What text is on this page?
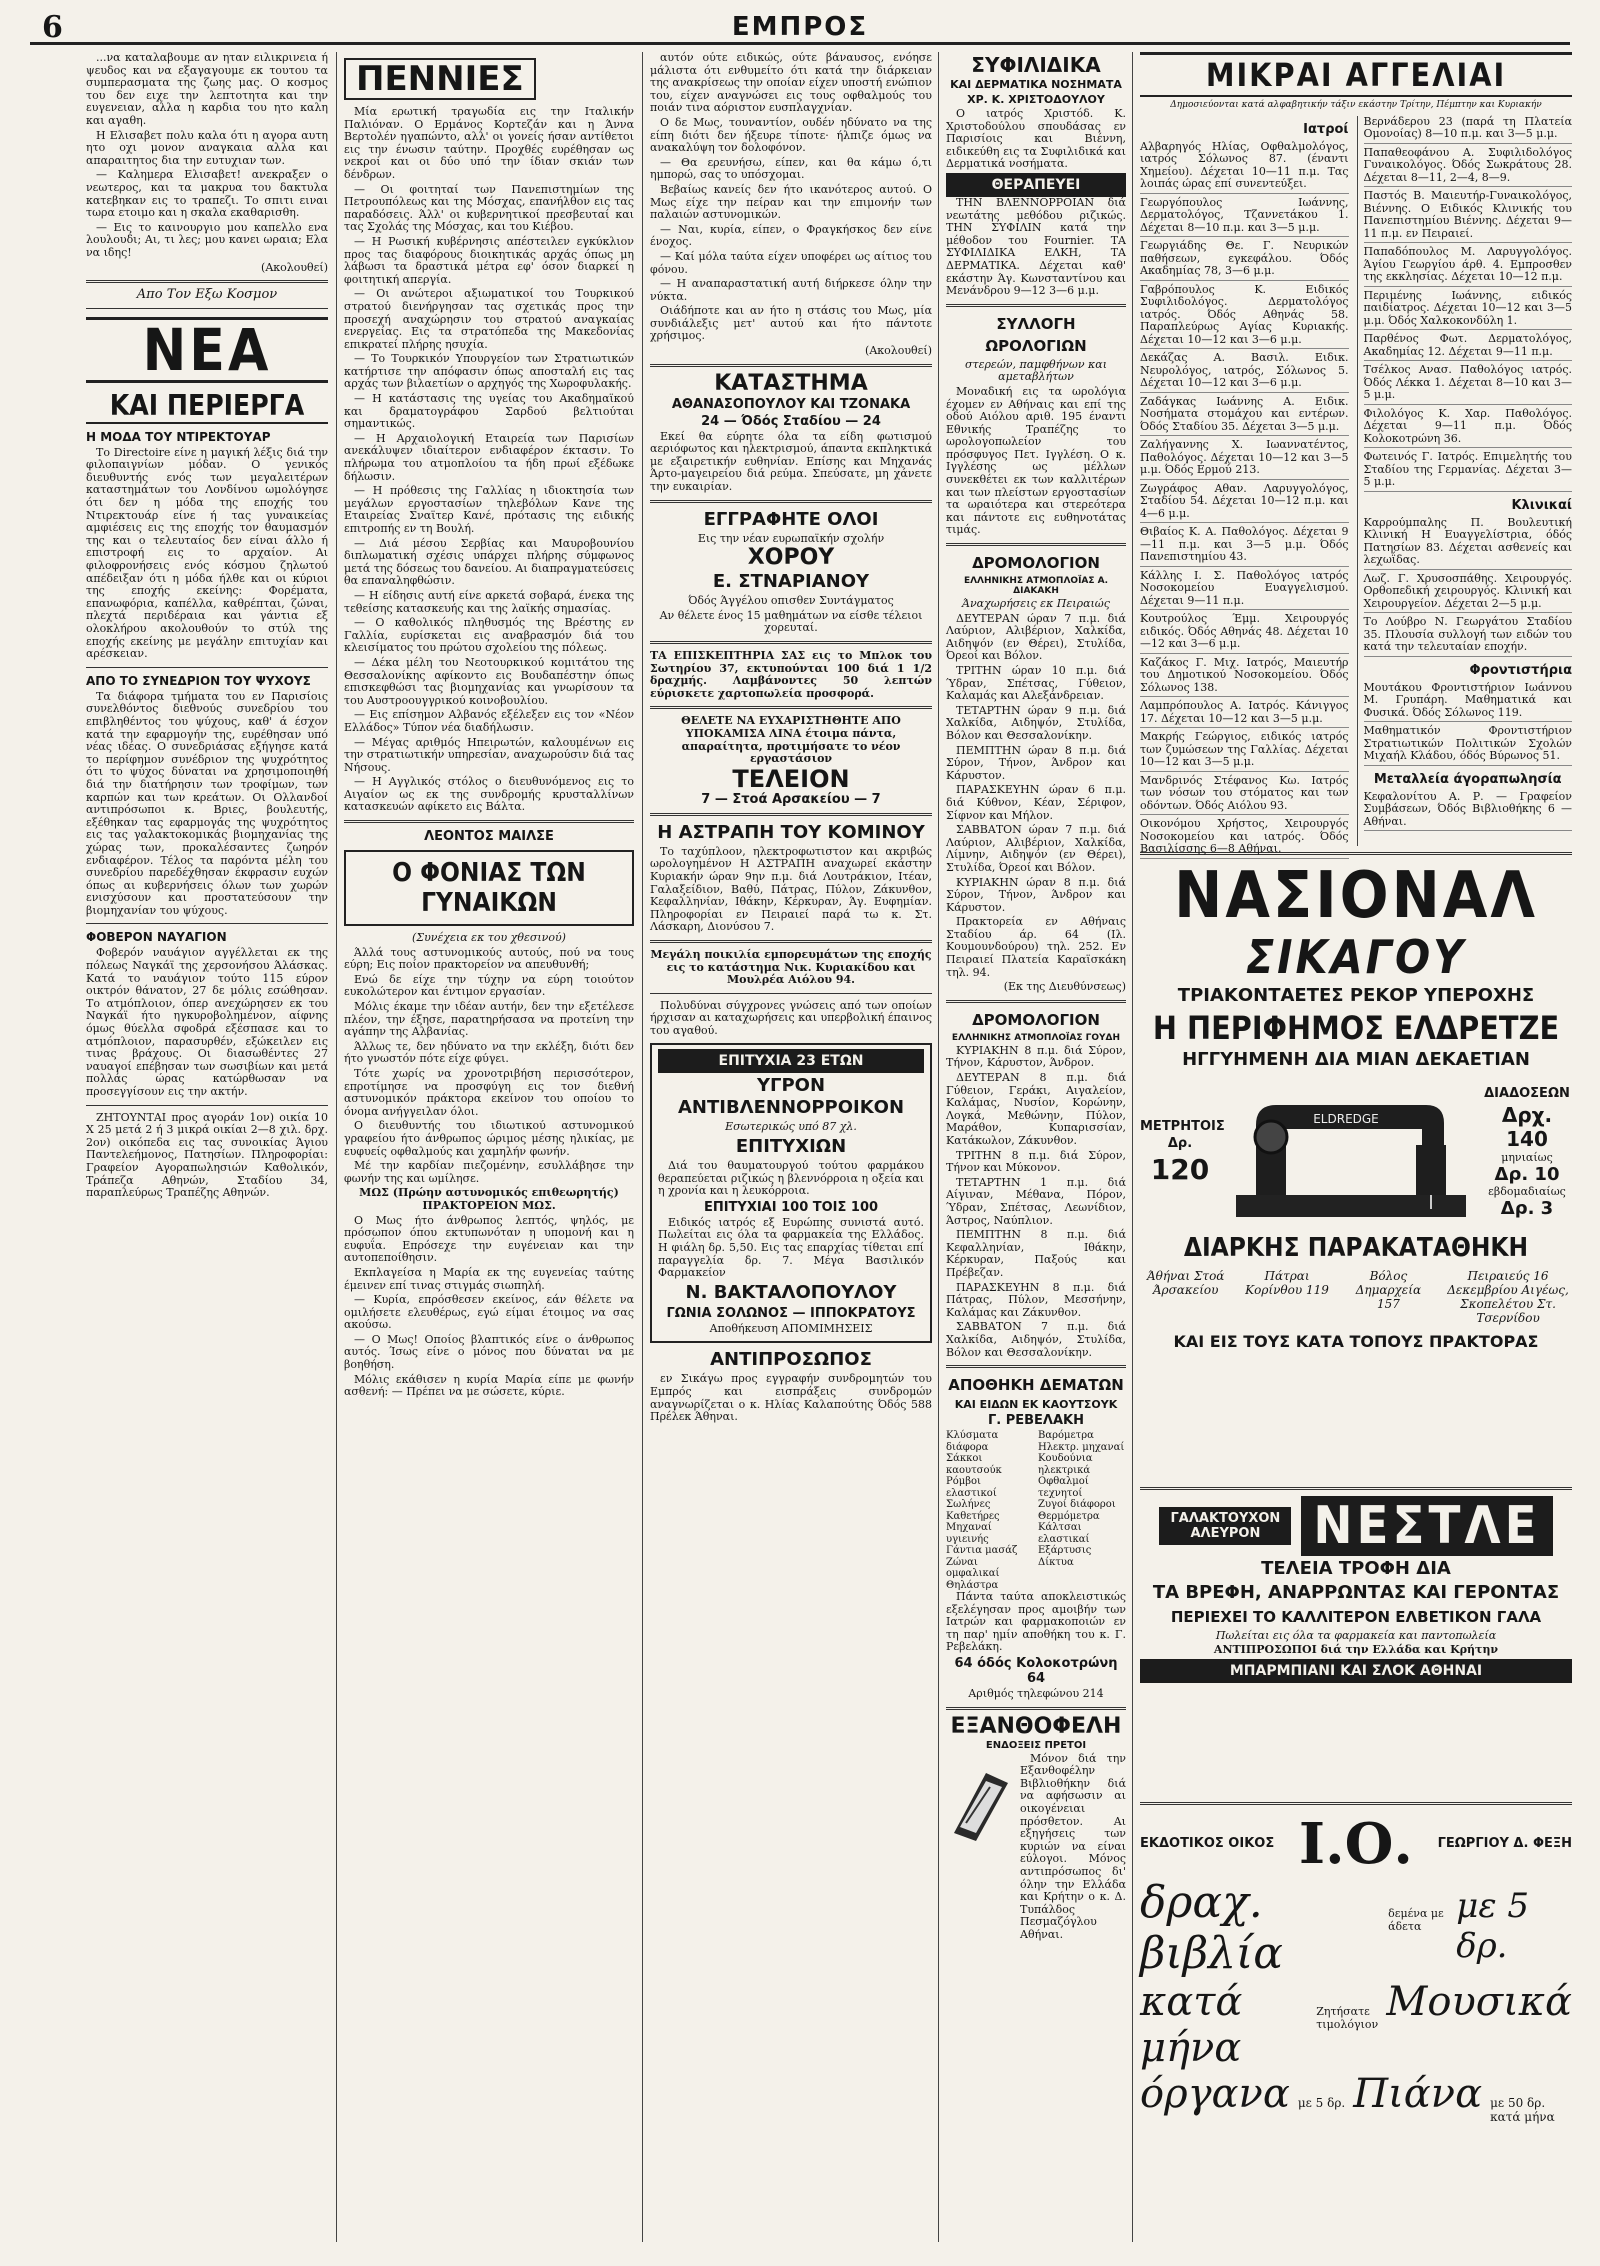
6	ΕΜΠΡΟΣ

...να καταλαβουμε αν ηταν ειλικρινεια ή ψευδος και να εξαγαγουμε εκ τουτου τα συμπερασματα της ζωης μας. Ο κοσμος του δεν ειχε την λεπτοτητα και την ευγενειαν, αλλα η καρδια του ητο καλη και αγαθη.

Η Ελισαβετ πολυ καλα ότι η αγορα αυτη ητο οχι μονον αναγκαια αλλα και απαραιτητος δια την ευτυχιαν των.

— Καλημερα Ελισαβετ! ανεκραξεν ο νεωτερος, και τα μακρυα του δακτυλα κατεβηκαν εις το τραπεζι. Το σπιτι ειναι τωρα ετοιμο και η σκαλα εκαθαρισθη.

— Εις το καινουργιο μου καπελλο ενα λουλουδι; Αι, τι λες; μου κανει ωραια; Ελα να ιδης!

(Ακολουθεί)

Απο Τον Εξω Κοσμον

ΝΕΑ
ΚΑΙ ΠΕΡΙΕΡΓΑ
Η ΜΟΔΑ ΤΟΥ ΝΤΙΡΕΚΤΟΥΑΡ

Το Directoire είνε η μαγική λέξις διά την φιλοπαιγνίων μόδαν. Ο γενικός διευθυντής ενός των μεγαλειτέρων καταστημάτων του Λονδίνου ωμολόγησε ότι δεν η μόδα της εποχής του Ντιρεκτουάρ είνε ή τας γυναικείας αμφιέσεις εις της εποχής τον θαυμασμόν της και ο τελευταίος δεν είναι άλλο ή επιστροφή εις το αρχαίον. Αι φιλοφρονήσεις ενός κόσμου ζηλωτού απέδειξαν ότι η μόδα ήλθε και οι κύριοι της εποχής εκείνης: Φορέματα, επανωφόρια, καπέλλα, καθρέπται, ζώναι, πλεχτά περιδέραια και γάντια εξ ολοκλήρου ακολουθούν το στύλ της εποχής εκείνης με μεγάλην επιτυχίαν και αρέσκειαν.

ΑΠΟ ΤΟ ΣΥΝΕΔΡΙΟΝ ΤΟΥ ΨΥΧΟΥΣ

Τα διάφορα τμήματα του εν Παρισίοις συνελθόντος διεθνούς συνεδρίου του επιβληθέντος του ψύχους, καθ' ά έσχον κατά την εφαρμογήν της, ευρέθησαν υπό νέας ιδέας. Ο συνεδριάσας εξήγησε κατά το περίφημον συνέδριον της ψυχρότητος ότι το ψύχος δύναται να χρησιμοποιηθή διά την διατήρησιν των τροφίμων, των καρπών και των κρεάτων. Οι Ολλανδοί αντιπρόσωποι κ. Βριες, βουλευτής, εξέθηκαν τας εφαρμογάς της ψυχρότητος εις τας γαλακτοκομικάς βιομηχανίας της χώρας των, προκαλέσαντες ζωηρόν ενδιαφέρον. Τέλος τα παρόντα μέλη του συνεδρίου παρεδέχθησαν έκφρασιν ευχών όπως αι κυβερνήσεις όλων των χωρών ενισχύσουν και προστατεύσουν την βιομηχανίαν του ψύχους.

ΦΟΒΕΡΟΝ ΝΑΥΑΓΙΟΝ

Φοβερόν ναυάγιον αγγέλλεται εκ της πόλεως Ναγκάϊ της χερσονήσου Άλάσκας. Κατά το ναυάγιον τούτο 115 εύρον οικτρόν θάνατον, 27 δε μόλις εσώθησαν. Το ατμόπλοιον, όπερ ανεχώρησεν εκ του Ναγκάϊ ήτο ηγκυροβολημένον, αίφνης όμως θύελλα σφοδρά εξέσπασε και το ατμόπλοιον, παρασυρθέν, εξώκειλεν εις τινας βράχους. Οι διασωθέντες 27 ναυαγοί επέβησαν των σωσιβίων και μετά πολλάς ώρας κατώρθωσαν να προσεγγίσουν εις την ακτήν.

ΖΗΤΟΥΝΤΑΙ προς αγοράν 1ον) οικία 10 X 25 μετά 2 ή 3 μικρά οικίαι 2—8 χιλ. δρχ. 2ον) οικόπεδα εις τας συνοικίας Άγιου Παντελεήμονος, Πατησίων. Πληροφορίαι: Γραφείον Αγοραπωλησιών Καθολικόν, Τράπεζα Αθηνών, Σταδίου 34, παραπλεύρως Τραπέζης Αθηνών.

ΠΕΝΝΙΕΣ

Μία ερωτική τραγωδία εις την Ιταλικήν Παλιόναν. Ο Ερμάνος Κορτεζάν και η Άννα Βερτολέν ηγαπώντο, αλλ' οι γονείς ήσαν αντίθετοι εις την ένωσιν ταύτην. Προχθές ευρέθησαν ως νεκροί και οι δύο υπό την ίδιαν σκιάν των δένδρων.

— Οι φοιτηταί των Πανεπιστημίων της Πετρουπόλεως και της Μόσχας, επανήλθον εις τας παραδόσεις. Άλλ' οι κυβερνητικοί πρεσβευταί και τας Σχολάς της Μόσχας, και του Κιέβου.

— Η Ρωσική κυβέρνησις απέστειλεν εγκύκλιον προς τας διαφόρους διοικητικάς αρχάς όπως μη λάβωσι τα δραστικά μέτρα εφ' όσον διαρκεί η φοιτητική απεργία.

— Οι ανώτεροι αξιωματικοί του Τουρκικού στρατού διενήργησαν τας σχετικάς προς την προσεχή αναχώρησιν του στρατού αναγκαίας ενεργείας. Εις τα στρατόπεδα της Μακεδονίας επικρατεί πλήρης ησυχία.

— Το Τουρκικόν Υπουργείον των Στρατιωτικών κατήρτισε την απόφασιν όπως αποσταλή εις τας αρχάς των βιλαετίων ο αρχηγός της Χωροφυλακής.

— Η κατάστασις της υγείας του Ακαδημαϊκού και δραματογράφου Σαρδού βελτιούται σημαντικώς.

— Η Αρχαιολογική Εταιρεία των Παρισίων ανεκάλυψεν ιδιαίτερον ενδιαφέρον έκτασιν. Το πλήρωμα του ατμοπλοίου τα ήδη πρωί εξέδωκε δήλωσιν.

— Η πρόθεσις της Γαλλίας η ιδιοκτησία των μεγάλων εργοστασίων τηλεβόλων Κανε της Εταιρείας Σναϊτερ Κανέ, πρότασις της ειδικής επιτροπής εν τη Βουλή.

— Διά μέσου Σερβίας και Μαυροβουνίου διπλωματική σχέσις υπάρχει πλήρης σύμφωνος μετά της δόσεως του δανείου. Αι διαπραγματεύσεις θα επαναληφθώσιν.

— Η είδησις αυτή είνε αρκετά σοβαρά, ένεκα της τεθείσης κατασκευής και της λαϊκής σημασίας.

— Ο καθολικός πληθυσμός της Βρέστης εν Γαλλία, ευρίσκεται εις αναβρασμόν διά του κλεισίματος του πρώτου σχολείου της πόλεως.

— Δέκα μέλη του Νεοτουρκικού κομιτάτου της Θεσσαλονίκης αφίκοντο εις Βουδαπέστην όπως επισκεφθώσι τας βιομηχανίας και γνωρίσουν τα του Αυστροουγγρικού κοινοβουλίου.

— Εις επίσημον Αλβανός εξέλεξεν εις τον «Νέον Ελλάδος» Τύπον νέα διαδήλωσιν.

— Μέγας αριθμός Ηπειρωτών, καλουμένων εις την στρατιωτικήν υπηρεσίαν, αναχωρούσιν διά τας Νήσους.

— Η Αγγλικός στόλος ο διευθυνόμενος εις το Αιγαίον ως εκ της συνδρομής κρυσταλλίνων κατασκευών αφίκετο εις Βάλτα.

ΛΕΟΝΤΟΣ ΜΑΙΛΣΕ
Ο ΦΟΝΙΑΣ ΤΩΝ ΓΥΝΑΙΚΩΝ

(Συνέχεια εκ του χθεσινού)

Άλλά τους αστυνομικούς αυτούς, πού να τους εύρη; Εις ποίον πρακτορείον να απευθυνθή;

Ενώ δε είχε την τύχην να εύρη τοιούτον ευκολώτερον και έντιμον εργασίαν.

Μόλις έκαμε την ιδέαν αυτήν, δεν την εξετέλεσε πλέον, την έξησε, παρατηρήσασα να προτείνη την αγάπην της Αλβανίας.

Άλλως τε, δεν ηδύνατο να την εκλέξη, διότι δεν ήτο γνωστόν πότε είχε φύγει.

Τότε χωρίς να χρονοτριβήση περισσότερον, επροτίμησε να προσφύγη εις τον διεθνή αστυνομικόν πράκτορα εκείνον του οποίου το όνομα ανήγγειλαν όλοι.

Ο διευθυντής του ιδιωτικού αστυνομικού γραφείου ήτο άνθρωπος ώριμος μέσης ηλικίας, με ευφυείς οφθαλμούς και χαμηλήν φωνήν.

Μέ την καρδίαν πιεζομένην, εσυλλάβησε την φωνήν της και ωμίλησε.

ΜΩΣ (Πρώην αστυνομικός επιθεωρητής) ΠΡΑΚΤΟΡΕΙΟΝ ΜΩΣ.

Ο Μως ήτο άνθρωπος λεπτός, ψηλός, με πρόσωπον όπου εκτυπωνόταν η υπομονή και η ευφυΐα. Επρόσεχε την ευγένειαν και την αυτοπεποίθησιν.

Εκπλαγείσα η Μαρία εκ της ευγενείας ταύτης έμεινεν επί τινας στιγμάς σιωπηλή.

— Κυρία, επρόσθεσεν εκείνος, εάν θέλετε να ομιλήσετε ελευθέρως, εγώ είμαι έτοιμος να σας ακούσω.

— Ο Μως! Οποίος βλαπτικός είνε ο άνθρωπος αυτός. Ίσως είνε ο μόνος που δύναται να με βοηθήση.

Μόλις εκάθισεν η κυρία Μαρία είπε με φωνήν ασθενή: — Πρέπει να με σώσετε, κύριε.

αυτόν ούτε ειδικώς, ούτε βάναυσος, ενόησε μάλιστα ότι ενθυμείτο ότι κατά την διάρκειαν της ανακρίσεως την οποίαν είχεν υποστή ενώπιον του, είχεν αναγνώσει εις τους οφθαλμούς του ποιάν τινα αόριστον ευσπλαγχνίαν.

Ο δε Μως, τουναντίον, ουδέν ηδύνατο να της είπη διότι δεν ήξευρε τίποτε· ήλπιζε όμως να ανακαλύψη τον δολοφόνον.

— Θα ερευνήσω, είπεν, και θα κάμω ό,τι ημπορώ, σας το υπόσχομαι.

Βεβαίως κανείς δεν ήτο ικανότερος αυτού. Ο Μως είχε την πείραν και την επιμονήν των παλαιών αστυνομικών.

— Ναι, κυρία, είπεν, ο Φραγκήσκος δεν είνε ένοχος.

— Καί μόλα ταύτα είχεν υποφέρει ως αίτιος του φόνου.

— Η αναπαραστατική αυτή διήρκεσε όλην την νύκτα.

Οιάδήποτε και αν ήτο η στάσις του Μως, μία συνδιάλεξις μετ' αυτού και ήτο πάντοτε χρήσιμος.

(Ακολουθεί)

ΚΑΤΑΣΤΗΜΑ
ΑΘΑΝΑΣΟΠΟΥΛΟΥ ΚΑΙ ΤΖΟΝΑΚΑ
24 — Όδός Σταδίου — 24

Εκεί θα εύρητε όλα τα είδη φωτισμού αεριόφωτος και ηλεκτρισμού, άπαντα εκπληκτικά με εξαιρετικήν ευθηνίαν. Επίσης και Μηχανάς Άρτο-μαγειρείου διά ρεύμα. Σπεύσατε, μη χάνετε την ευκαιρίαν.

ΕΓΓΡΑΦΗΤΕ ΟΛΟΙ

Εις την νέαν ευρωπαϊκήν σχολήν

ΧΟΡΟΥ
Ε. ΣΤΝΑΡΙΑΝΟΥ

Όδός Άγγέλου οπισθεν Συντάγματος

Αν θέλετε ένος 15 μαθημάτων να είσθε τέλειοι χορευταί.

ΤΑ ΕΠΙΣΚΕΠΤΗΡΙΑ ΣΑΣ εις το Μπλοκ του Σωτηρίου 37, εκτυπούνται 100 διά 1 1/2 δραχμής. Λαμβάνοντες 50 λεπτών εύρισκετε χαρτοπωλεία προσφορά.

ΘΕΛΕΤΕ ΝΑ ΕΥΧΑΡΙΣΤΗΘΗΤΕ ΑΠΟ ΥΠΟΚΑΜΙΣΑ ΛΙΝΑ έτοιμα πάντα, απαραίτητα, προτιμήσατε το νέον εργαστάσιον

ΤΕΛΕΙΟΝ
7 — Στοά Αρσακείου — 7
Η ΑΣΤΡΑΠΗ ΤΟΥ ΚΟΜΙΝΟΥ

Το ταχύπλοον, ηλεκτροφωτιστον και ακριβώς ωρολογημένον Η ΑΣΤΡΑΠΗ αναχωρεί εκάστην Κυριακήν ώραν 9ην π.μ. διά Λουτράκιον, Ιτέαν, Γαλαξείδιον, Βαθύ, Πάτρας, Πύλον, Ζάκυνθον, Κεφαλληνίαν, Ιθάκην, Κέρκυραν, Άγ. Ευφημίαν. Πληροφορίαι εν Πειραιεί παρά τω κ. Στ. Λάσκαρη, Διονύσου 7.

Μεγάλη ποικιλία εμπορευμάτων της εποχής εις το κατάστημα Νικ. Κυριακίδου και Μουλρέα Αιόλου 94.

Πολυδύναι σύγχρονες γνώσεις από των οποίων ήρχισαν αι καταχωρήσεις και υπερβολική έπαινος του αγαθού.

ΕΠΙΤΥΧΙΑ 23 ΕΤΩΝ
ΥΓΡΟΝ ΑΝΤΙΒΛΕΝΝΟΡΡΟΙΚΟΝ

Εσωτερικώς υπό 87 χλ.

ΕΠΙΤΥΧΙΩΝ

Διά του θαυματουργού τούτου φαρμάκου θεραπεύεται ριζικώς η βλεννόρροια η οξεία και η χρονία και η λευκόρροια.

ΕΠΙΤΥΧΙΑΙ 100 ΤΟΙΣ 100

Ειδικός ιατρός εξ Ευρώπης συνιστά αυτό. Πωλείται εις όλα τα φαρμακεία της Ελλάδος. Η φιάλη δρ. 5,50. Εις τας επαρχίας τίθεται επί παραγγελία δρ. 7. Μέγα Βασιλικόν Φαρμακείον

Ν. ΒΑΚΤΑΛΟΠΟΥΛΟΥ
ΓΩΝΙΑ ΣΟΛΩΝΟΣ — ΙΠΠΟΚΡΑΤΟΥΣ

Αποθήκευση ΑΠΟΜΙΜΗΣΕΙΣ

ΑΝΤΙΠΡΟΣΩΠΟΣ

εν Σικάγω προς εγγραφήν συνδρομητών του Εμπρός και εισπράξεις συνδρομών αναγνωρίζεται ο κ. Ηλίας Καλαπούτης Όδός 588 Πρέλεκ Άθηναι.

ΣΥΦΙΛΙΔΙΚΑ
ΚΑΙ ΔΕΡΜΑΤΙΚΑ ΝΟΣΗΜΑΤΑ
ΧΡ. Κ. ΧΡΙΣΤΟΔΟΥΛΟΥ

Ο ιατρός Χριστόδ. Κ. Χριστοδούλου σπουδάσας εν Παρισίοις και Βιέννη, ειδικεύθη εις τα Συφιλιδικά και Δερματικά νοσήματα.

ΘΕΡΑΠΕΥΕΙ

ΤΗΝ ΒΛΕΝΝΟΡΡΟΙΑΝ διά νεωτάτης μεθόδου ριζικώς. ΤΗΝ ΣΥΦΙΛΙΝ κατά την μέθοδον του Fournier. ΤΑ ΣΥΦΙΛΙΔΙΚΑ ΕΛΚΗ, ΤΑ ΔΕΡΜΑΤΙΚΑ. Δέχεται καθ' εκάστην Άγ. Κωνσταντίνου και Μενάνδρου 9—12 3—6 μ.μ.

ΣΥΛΛΟΓΗ ΩΡΟΛΟΓΙΩΝ

στερεών, παμφθήνων και αμεταβλήτων

Μοναδική εις τα ωρολόγια έχομεν εν Αθήναις και επί της οδού Αιόλου αριθ. 195 έναντι Εθνικής Τραπέζης το ωρολογοπωλείον του πρόσφυγος Πετ. Ιγγλέση. Ο κ. Ιγγλέσης ως μέλλων συνεκθέτει εκ των καλλιτέρων και των πλείστων εργοστασίων τα ωραιότερα και στερεότερα και πάντοτε εις ευθηνοτάτας τιμάς.

ΔΡΟΜΟΛΟΓΙΟΝ
ΕΛΛΗΝΙΚΗΣ ΑΤΜΟΠΛΟΪΑΣ Α. ΔΙΑΚΑΚΗ

Άναχωρήσεις εκ Πειραιώς

ΔΕΥΤΕΡΑΝ ώραν 7 π.μ. διά Λαύριον, Αλιβέριον, Χαλκίδα, Αιδηψόν (εν Θέρει), Στυλίδα, Όρεοί και Βόλον.

ΤΡΙΤΗΝ ώραν 10 π.μ. διά Ύδραν, Σπέτσας, Γύθειον, Καλαμάς και Αλεξάνδρειαν.

ΤΕΤΑΡΤΗΝ ώραν 9 π.μ. διά Χαλκίδα, Αιδηψόν, Στυλίδα, Βόλον και Θεσσαλονίκην.

ΠΕΜΠΤΗΝ ώραν 8 π.μ. διά Σύρον, Τήνον, Άνδρον και Κάρυστον.

ΠΑΡΑΣΚΕΥΗΝ ώραν 6 π.μ. διά Κύθνον, Κέαν, Σέριφον, Σίφνον και Μήλον.

ΣΑΒΒΑΤΟΝ ώραν 7 π.μ. διά Λαύριον, Αλιβέριον, Χαλκίδα, Λίμνην, Αιδηψόν (εν Θέρει), Στυλίδα, Όρεοί και Βόλον.

ΚΥΡΙΑΚΗΝ ώραν 8 π.μ. διά Σύρον, Τήνον, Άνδρον και Κάρυστον.

Πρακτορεία εν Αθήναις Σταδίου άρ. 64 (Ιλ. Κουμουνδούρου) τηλ. 252. Εν Πειραιεί Πλατεία Καραϊσκάκη τηλ. 94.

(Εκ της Διευθύνσεως)

ΔΡΟΜΟΛΟΓΙΟΝ
ΕΛΛΗΝΙΚΗΣ ΑΤΜΟΠΛΟΪΑΣ ΓΟΥΔΗ

ΚΥΡΙΑΚΗΝ 8 π.μ. διά Σύρον, Τήνον, Κάρυστον, Άνδρον.

ΔΕΥΤΕΡΑΝ 8 π.μ. διά Γύθειον, Γεράκι, Αιγαλείον, Καλάμας, Νυσίον, Κορώνην, Λογκά, Μεθώνην, Πύλον, Μαράθον, Κυπαρισσίαν, Κατάκωλον, Ζάκυνθον.

ΤΡΙΤΗΝ 8 π.μ. διά Σύρον, Τήνον και Μύκονον.

ΤΕΤΑΡΤΗΝ 1 π.μ. διά Αίγιναν, Μέθανα, Πόρον, Ύδραν, Σπέτσας, Λεωνίδιον, Άστρος, Ναύπλιον.

ΠΕΜΠΤΗΝ 8 π.μ. διά Κεφαλληνίαν, Ιθάκην, Κέρκυραν, Παξούς και Πρέβεζαν.

ΠΑΡΑΣΚΕΥΗΝ 8 π.μ. διά Πάτρας, Πύλον, Μεσσήνην, Καλάμας και Ζάκυνθον.

ΣΑΒΒΑΤΟΝ 7 π.μ. διά Χαλκίδα, Αιδηψόν, Στυλίδα, Βόλον και Θεσσαλονίκην.

ΑΠΟΘΗΚΗ ΔΕΜΑΤΩΝ
ΚΑΙ ΕΙΔΩΝ ΕΚ ΚΑΟΥΤΣΟΥΚ
Γ. ΡΕΒΕΛΑΚΗ
Κλύσματα διάφορα
Σάκκοι καουτσούκ
Ρόμβοι ελαστικοί
Σωλήνες
Καθετήρες
Μηχαναί υγιεινής
Γάντια μασάζ
Ζώναι ομφαλικαί
Θηλάστρα
Βαρόμετρα
Ηλεκτρ. μηχαναί
Κουδούνια ηλεκτρικά
Οφθαλμοί τεχνητοί
Ζυγοί διάφοροι
Θερμόμετρα
Κάλτσαι ελαστικαί
Εξάρτυσις
Δίκτυα

Πάντα ταύτα αποκλειστικώς εξελέγησαν προς αμοιβήν των Ιατρών και φαρμακοποιών εν τη παρ' ημίν αποθήκη του κ. Γ. Ρεβελάκη.

64 όδός Κολοκοτρώνη 64

Αριθμός τηλεφώνου 214

ΕΞΑΝΘΟΦΕΛΗ
ΕΝΔΟΞΕΙΣ ΠΡΕΤΟΙ

Μόνον διά την Εξανθοφέλην Βιβλιοθήκην διά να αφήσωσιν αι οικογένειαι πρόσθετον. Αι εξηγήσεις των κυριών να είναι εύλογοι. Μόνος αντιπρόσωπος δι' όλην την Ελλάδα και Κρήτην ο κ. Δ. Τυπάλδος Πεσμαζόγλου Αθήναι.

ΜΙΚΡΑΙ ΑΓΓΕΛΙΑΙ

Δημοσιεύονται κατά αλφαβητικήν τάξιν εκάστην Τρίτην, Πέμπτην και Κυριακήν

Ιατροί
Αλβαρηγός Ηλίας, Οφθαλμολόγος, ιατρός Σόλωνος 87. (έναντι Χημείου). Δέχεται 10—11 π.μ. Τας λοιπάς ώρας επί συνεντεύξει.
Γεωργόπουλος Ιωάννης, Δερματολόγος, Τζαννετάκου 1. Δέχεται 8—10 π.μ. και 3—5 μ.μ.
Γεωργιάδης Θε. Γ. Νευρικών παθήσεων, εγκεφάλου. Όδός Ακαδημίας 78, 3—6 μ.μ.
Γαβρόπουλος Κ. Ειδικός Συφιλιδολόγος. Δερματολόγος ιατρός. Όδός Αθηνάς 58. Παραπλεύρως Αγίας Κυριακής. Δέχεται 10—12 και 3—6 μ.μ.
Δεκάζας Α. Βασιλ. Ειδικ. Νευρολόγος, ιατρός, Σόλωνος 5. Δέχεται 10—12 και 3—6 μ.μ.
Ζαδάγκας Ιωάννης Α. Ειδικ. Νοσήματα στομάχου και εντέρων. Όδός Σταδίου 35. Δέχεται 3—5 μ.μ.
Ζαλήγαννης Χ. Ιωαννατέντος, Παθολόγος. Δέχεται 10—12 και 3—5 μ.μ. Όδός Ερμού 213.
Ζωγράφος Αθαν. Λαρυγγολόγος, Σταδίου 54. Δέχεται 10—12 π.μ. και 4—6 μ.μ.
Θιβαίος Κ. Α. Παθολόγος. Δέχεται 9—11 π.μ. και 3—5 μ.μ. Όδός Πανεπιστημίου 43.
Κάλλης Ι. Σ. Παθολόγος ιατρός Νοσοκομείου Ευαγγελισμού. Δέχεται 9—11 π.μ.
Κουτρούλος Έμμ. Χειρουργός ειδικός. Όδός Αθηνάς 48. Δέχεται 10—12 και 3—6 μ.μ.
Καζάκος Γ. Μιχ. Ιατρός, Μαιευτήρ του Δημοτικού Νοσοκομείου. Όδός Σόλωνος 138.
Λαμπρόπουλος Α. Ιατρός. Κάνιγγος 17. Δέχεται 10—12 και 3—5 μ.μ.
Μακρής Γεώργιος, ειδικός ιατρός των ζυμώσεων της Γαλλίας. Δέχεται 10—12 και 3—5 μ.μ.
Μανδρινός Στέφανος Κω. Ιατρός των νόσων του στόματος και των οδόντων. Όδός Αιόλου 93.
Οικονόμου Χρήστος, Χειρουργός Νοσοκομείου και ιατρός. Όδός Βασιλίσσης 6—8 Αθήναι.
Βερνάδερου 23 (παρά τη Πλατεία Ομονοίας) 8—10 π.μ. και 3—5 μ.μ.
Παπαθεοφάνου Α. Συφιλιδολόγος Γυναικολόγος. Όδός Σωκράτους 28. Δέχεται 8—11, 2—4, 8—9.
Παστός Β. Μαιευτήρ-Γυναικολόγος, Βιέννης. Ο Ειδικός Κλινικής του Πανεπιστημίου Βιέννης. Δέχεται 9—11 π.μ. εν Πειραιεί.
Παπαδόπουλος Μ. Λαρυγγολόγος. Άγίου Γεωργίου άρθ. 4. Εμπροσθεν της εκκλησίας. Δέχεται 10—12 π.μ.
Περιμένης Ιωάννης, ειδικός παιδίατρος. Δέχεται 10—12 και 3—5 μ.μ. Όδός Χαλκοκονδύλη 1.
Παρθένος Φωτ. Δερματολόγος, Ακαδημίας 12. Δέχεται 9—11 π.μ.
Τσέλκος Ανασ. Παθολόγος ιατρός. Όδός Λέκκα 1. Δέχεται 8—10 και 3—5 μ.μ.
Φιλολόγος Κ. Χαρ. Παθολόγος. Δέχεται 9—11 π.μ. Όδός Κολοκοτρώνη 36.
Φωτεινός Γ. Ιατρός. Επιμελητής του Σταδίου της Γερμανίας. Δέχεται 3—5 μ.μ.
Κλινικαί
Καρρούμπαλης Π. Βουλευτική Κλινική Η Ευαγγελίστρια, όδός Πατησίων 83. Δέχεται ασθενείς και λεχωΐδας.
Λωζ. Γ. Χρυσοσπάθης. Χειρουργός. Ορθοπεδική χειρουργός. Κλινική και Χειρουργείον. Δέχεται 2—5 μ.μ.
Το Λούβρο Ν. Γεωργάτου Σταδίου 35. Πλουσία συλλογή των ειδών του κατά την τελευταίαν εποχήν.
Φροντιστήρια
Μουτάκου Φροντιστήριον Ιωάννου Μ. Γρυπάρη. Μαθηματικά και Φυσικά. Όδός Σόλωνος 119.
Μαθηματικόν Φροντιστήριον Στρατιωτικών Πολιτικών Σχολών Μιχαήλ Κλάδου, όδός Βύρωνος 51.
Μεταλλεία άγοραπωλησία
Κεφαλονίτου Α. Ρ. — Γραφείον Συμβάσεων, Όδός Βιβλιοθήκης 6 — Αθήναι.
ΝΑΣΙΟΝΑΛ
ΣΙΚΑΓΟΥ
ΤΡΙΑΚΟΝΤΑΕΤΕΣ ΡΕΚΟΡ ΥΠΕΡΟΧΗΣ
Η ΠΕΡΙΦΗΜΟΣ ΕΛΔΡΕΤΖΕ
ΗΓΓΥΗΜΕΝΗ ΔΙΑ ΜΙΑΝ ΔΕΚΑΕΤΙΑΝ
ΜΕΤΡΗΤΟΙΣ
Δρ.
120
ELDREDGE
ΔΙΑΔΟΣΕΩΝ
Δρχ. 140
μηνιαίως
Δρ. 10
εβδομαδιαίως
Δρ. 3
ΔΙΑΡΚΗΣ ΠΑΡΑΚΑΤΑΘΗΚΗ
Άθήναι Στοά Άρσακείου
Πάτραι Κορίνθου 119
Βόλος Δημαρχεία 157
Πειραιεύς 16 Δεκεμβρίου Αιγέως, Σκοπελέτου Στ. Τσερνίδου
ΚΑΙ ΕΙΣ ΤΟΥΣ ΚΑΤΑ ΤΟΠΟΥΣ ΠΡΑΚΤΟΡΑΣ
ΓΑΛΑΚΤΟΥΧΟΝ ΑΛΕΥΡΟΝ	ΝΕΣΤΛΕ
ΤΕΛΕΙΑ ΤΡΟΦΗ ΔΙΑ
ΤΑ ΒΡΕΦΗ, ΑΝΑΡΡΩΝΤΑΣ ΚΑΙ ΓΕΡΟΝΤΑΣ
ΠΕΡΙΕΧΕΙ ΤΟ ΚΑΛΛΙΤΕΡΟΝ ΕΛΒΕΤΙΚΟΝ ΓΑΛΑ

Πωλείται εις όλα τα φαρμακεία και παντοπωλεία

ΑΝΤΙΠΡΟΣΩΠΟΙ διά την Ελλάδα και Κρήτην

ΜΠΑΡΜΠΙΑΝΙ ΚΑΙ ΣΛΟΚ ΑΘΗΝΑΙ
ΕΚΔΟΤΙΚΟΣ ΟΙΚΟΣ Ι.Ο. ΓΕΩΡΓΙΟΥ Δ. ΦΕΞΗ
δραχ. βιβλία
δεμένα με άδετα
με 5 δρ.
κατά μήνα
Ζητήσατε τιμολόγιον Μουσικά
όργανα με 5 δρ. Πιάνα με 50 δρ. κατά μήνα
